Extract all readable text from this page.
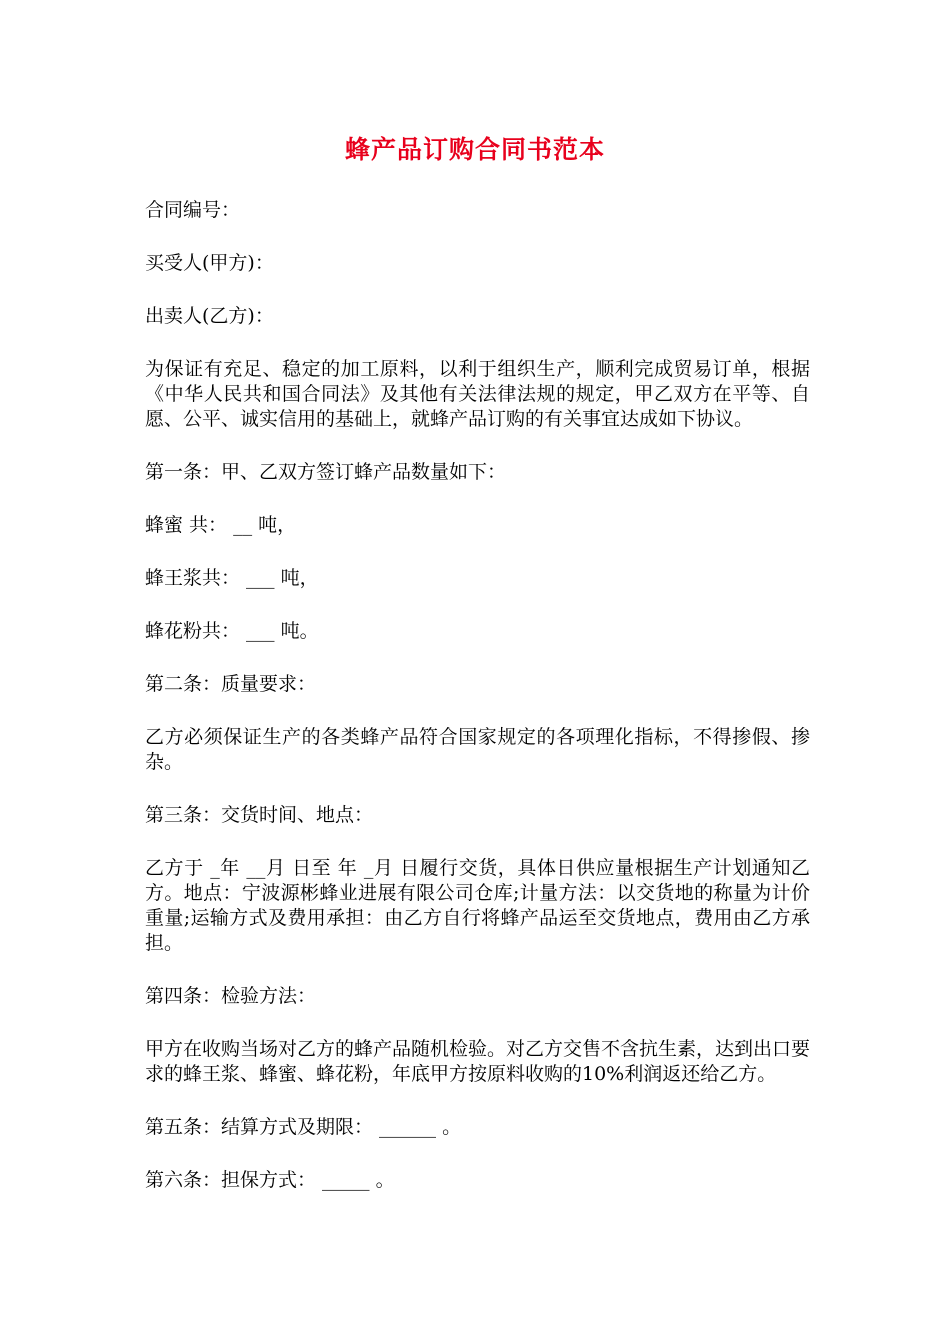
蜂产品订购合同书范本

合同编号：

买受人(甲方)：

出卖人(乙方)：

为保证有充足、稳定的加工原料，以利于组织生产，顺利完成贸易订单，根据《中华人民共和国合同法》及其他有关法律法规的规定，甲乙双方在平等、自愿、公平、诚实信用的基础上，就蜂产品订购的有关事宜达成如下协议。

第一条：甲、乙双方签订蜂产品数量如下：

蜂蜜 共： __ 吨，

蜂王浆共： ___ 吨，

蜂花粉共： ___ 吨。

第二条：质量要求：

乙方必须保证生产的各类蜂产品符合国家规定的各项理化指标，不得掺假、掺杂。

第三条：交货时间、地点：

乙方于 _年 __月 日至 年 _月 日履行交货，具体日供应量根据生产计划通知乙方。地点：宁波源彬蜂业进展有限公司仓库;计量方法：以交货地的称量为计价重量;运输方式及费用承担：由乙方自行将蜂产品运至交货地点，费用由乙方承担。

第四条：检验方法：

甲方在收购当场对乙方的蜂产品随机检验。对乙方交售不含抗生素，达到出口要求的蜂王浆、蜂蜜、蜂花粉，年底甲方按原料收购的10%利润返还给乙方。

第五条：结算方式及期限： ______ 。

第六条：担保方式： _____ 。
